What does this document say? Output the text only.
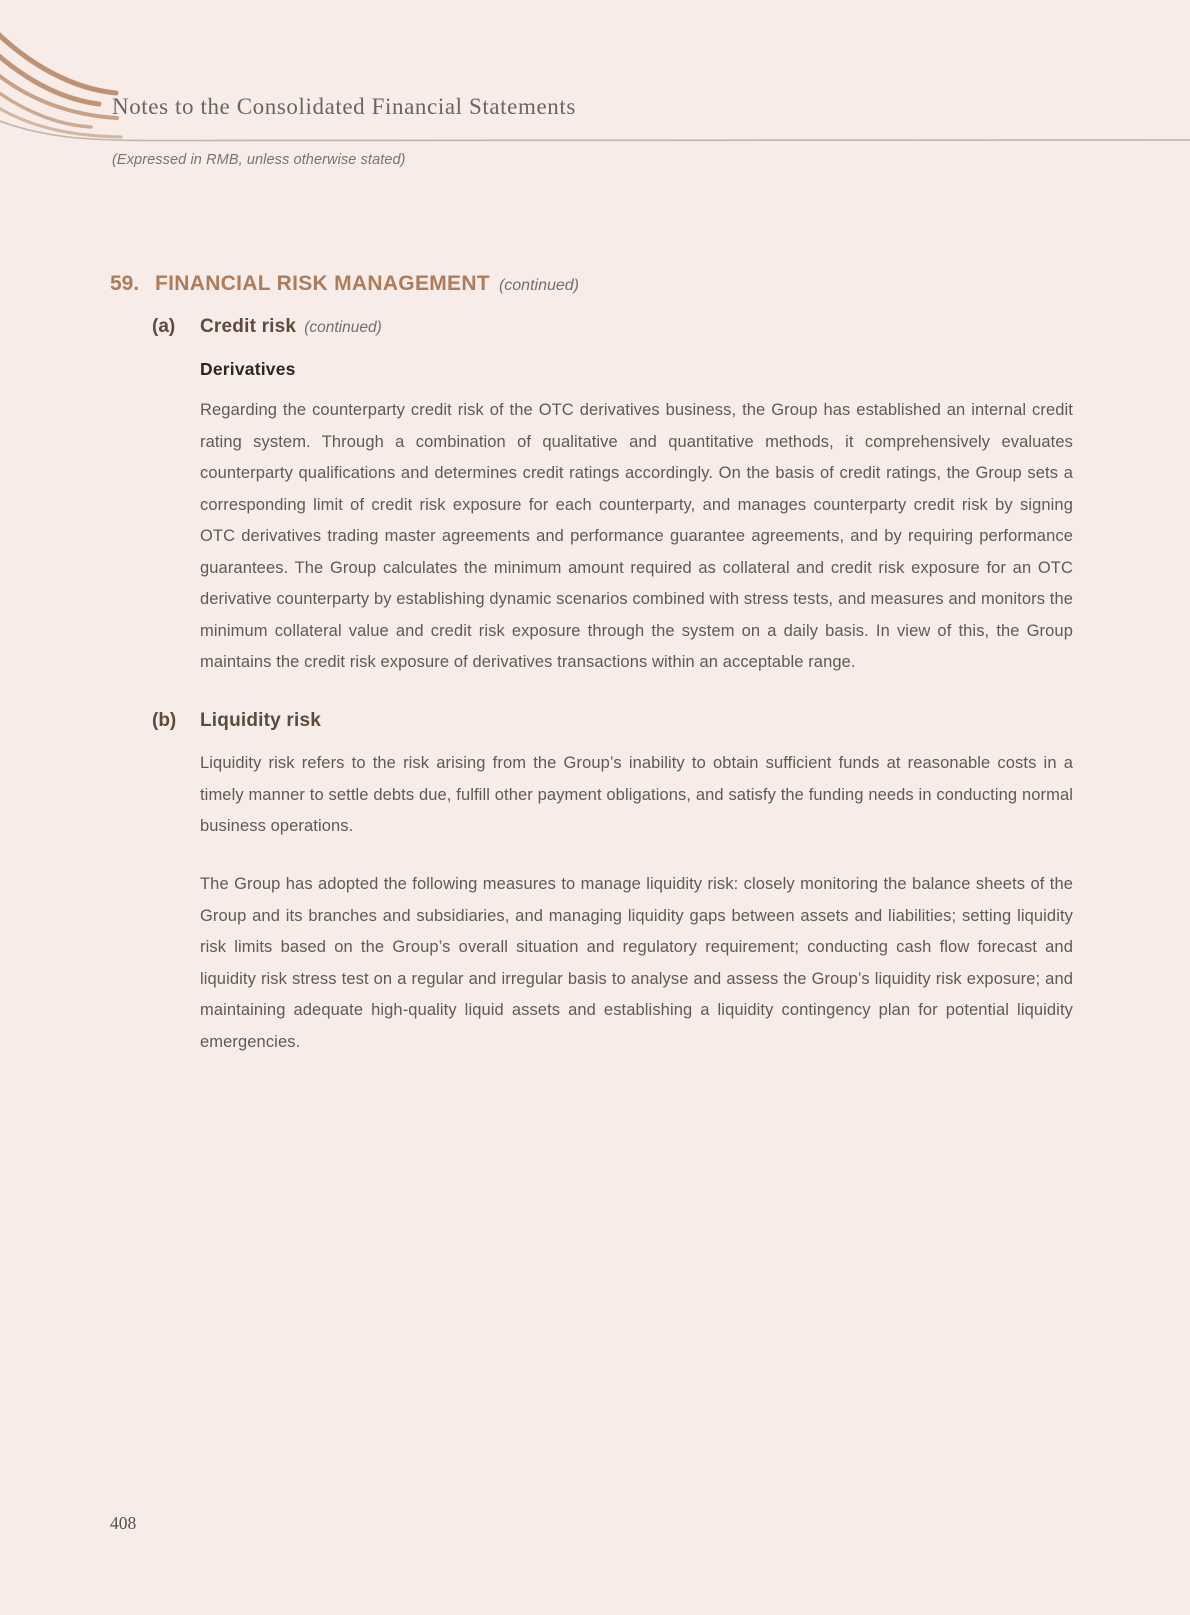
Notes to the Consolidated Financial Statements
(Expressed in RMB, unless otherwise stated)
59. FINANCIAL RISK MANAGEMENT (continued)
(a)	Credit risk (continued)
Derivatives

Regarding the counterparty credit risk of the OTC derivatives business, the Group has established an internal credit rating system. Through a combination of qualitative and quantitative methods, it comprehensively evaluates counterparty qualifications and determines credit ratings accordingly. On the basis of credit ratings, the Group sets a corresponding limit of credit risk exposure for each counterparty, and manages counterparty credit risk by signing OTC derivatives trading master agreements and performance guarantee agreements, and by requiring performance guarantees. The Group calculates the minimum amount required as collateral and credit risk exposure for an OTC derivative counterparty by establishing dynamic scenarios combined with stress tests, and measures and monitors the minimum collateral value and credit risk exposure through the system on a daily basis. In view of this, the Group maintains the credit risk exposure of derivatives transactions within an acceptable range.

(b)	Liquidity risk

Liquidity risk refers to the risk arising from the Group’s inability to obtain sufficient funds at reasonable costs in a timely manner to settle debts due, fulfill other payment obligations, and satisfy the funding needs in conducting normal business operations.

The Group has adopted the following measures to manage liquidity risk: closely monitoring the balance sheets of the Group and its branches and subsidiaries, and managing liquidity gaps between assets and liabilities; setting liquidity risk limits based on the Group’s overall situation and regulatory requirement; conducting cash flow forecast and liquidity risk stress test on a regular and irregular basis to analyse and assess the Group’s liquidity risk exposure; and maintaining adequate high-quality liquid assets and establishing a liquidity contingency plan for potential liquidity emergencies.

408
